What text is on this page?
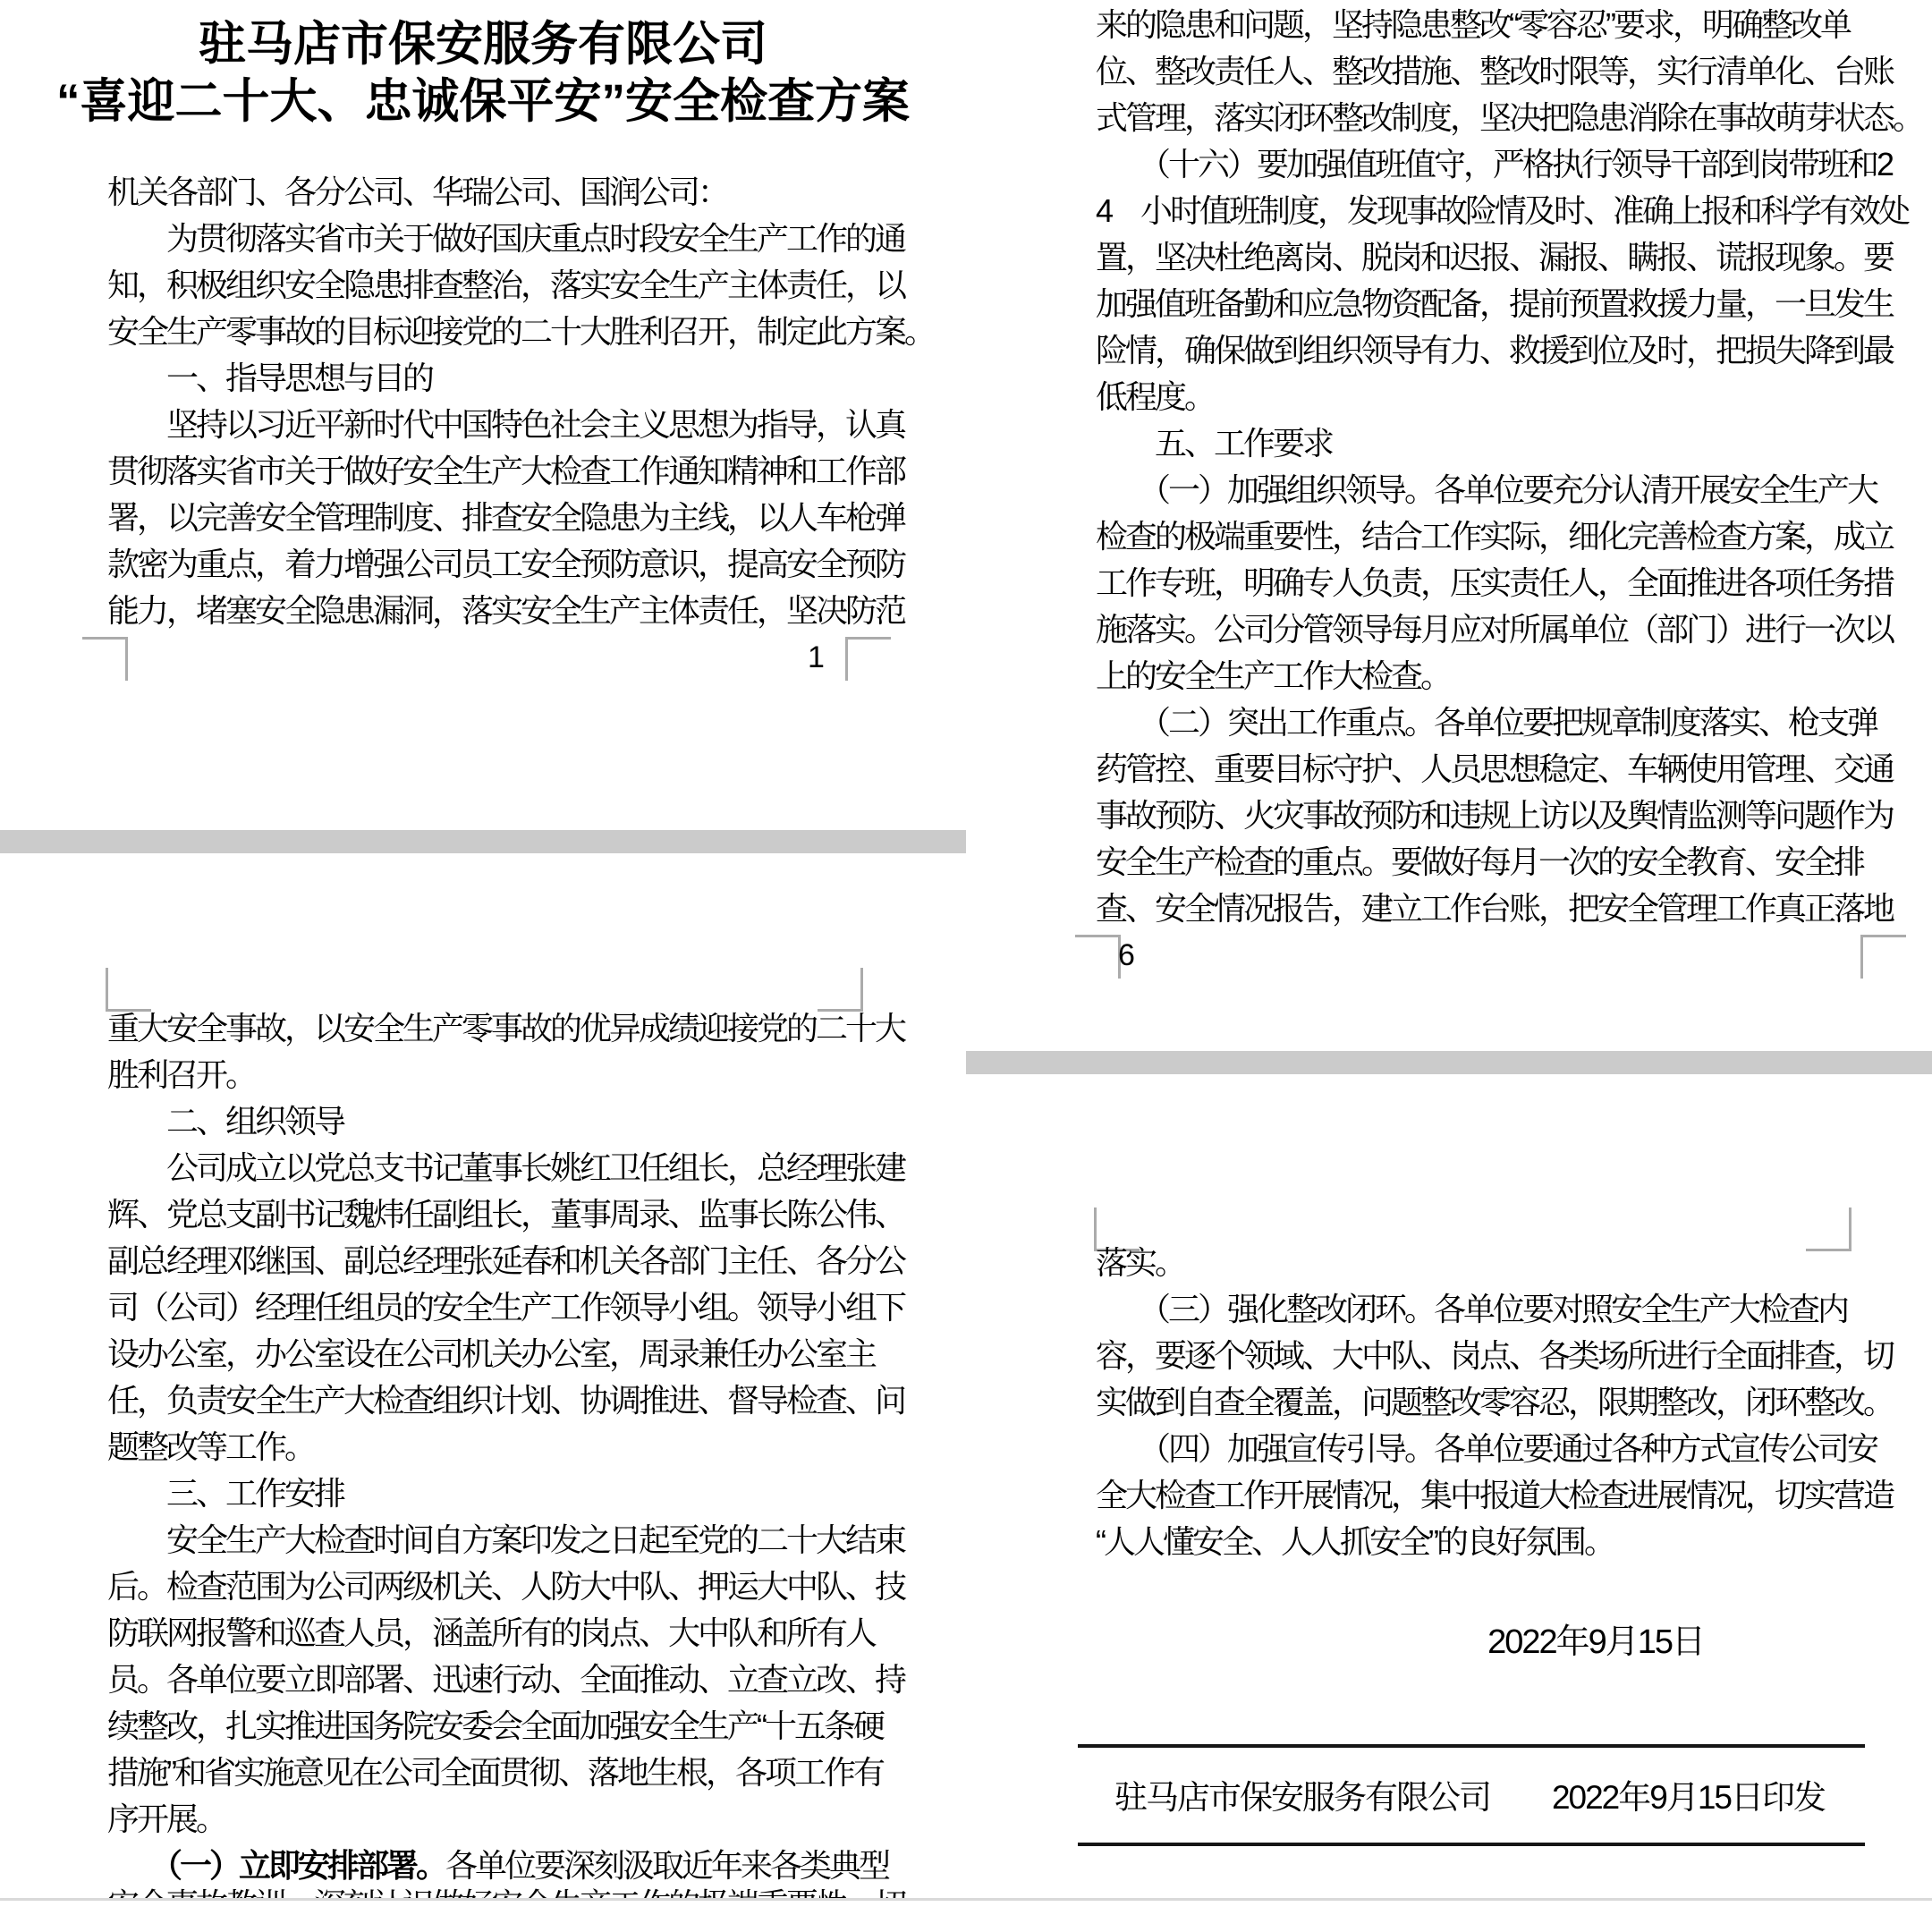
驻马店市保安服务有限公司
“喜迎二十大、忠诚保平安”安全检查方案
机关各部门、各分公司、华瑞公司、国润公司：
　　为贯彻落实省市关于做好国庆重点时段安全生产工作的通
知，积极组织安全隐患排查整治，落实安全生产主体责任，以
安全生产零事故的目标迎接党的二十大胜利召开，制定此方案。
　　一、指导思想与目的
　　坚持以习近平新时代中国特色社会主义思想为指导，认真
贯彻落实省市关于做好安全生产大检查工作通知精神和工作部
署，以完善安全管理制度、排查安全隐患为主线，以人车枪弹
款密为重点，着力增强公司员工安全预防意识，提高安全预防
能力，堵塞安全隐患漏洞，落实安全生产主体责任，坚决防范
1
重大安全事故，以安全生产零事故的优异成绩迎接党的二十大
胜利召开。
　　二、组织领导
　　公司成立以党总支书记董事长姚红卫任组长，总经理张建
辉、党总支副书记魏炜任副组长，董事周录、监事长陈公伟、
副总经理邓继国、副总经理张延春和机关各部门主任、各分公
司（公司）经理任组员的安全生产工作领导小组。领导小组下
设办公室，办公室设在公司机关办公室，周录兼任办公室主
任，负责安全生产大检查组织计划、协调推进、督导检查、问
题整改等工作。
　　三、工作安排
　　安全生产大检查时间自方案印发之日起至党的二十大结束
后。检查范围为公司两级机关、人防大中队、押运大中队、技
防联网报警和巡查人员，涵盖所有的岗点、大中队和所有人
员。各单位要立即部署、迅速行动、全面推动、立查立改、持
续整改，扎实推进国务院安委会全面加强安全生产“十五条硬
措施”和省实施意见在公司全面贯彻、落地生根，各项工作有
序开展。
　　（一）立即安排部署。各单位要深刻汲取近年来各类典型
来的隐患和问题，坚持隐患整改“零容忍”要求，明确整改单
位、整改责任人、整改措施、整改时限等，实行清单化、台账
式管理，落实闭环整改制度，坚决把隐患消除在事故萌芽状态。
　　（十六）要加强值班值守，严格执行领导干部到岗带班和2
4　小时值班制度，发现事故险情及时、准确上报和科学有效处
置，坚决杜绝离岗、脱岗和迟报、漏报、瞒报、谎报现象。要
加强值班备勤和应急物资配备，提前预置救援力量，一旦发生
险情，确保做到组织领导有力、救援到位及时，把损失降到最
低程度。
　　五、工作要求
　　（一）加强组织领导。各单位要充分认清开展安全生产大
检查的极端重要性，结合工作实际，细化完善检查方案，成立
工作专班，明确专人负责，压实责任人，全面推进各项任务措
施落实。公司分管领导每月应对所属单位（部门）进行一次以
上的安全生产工作大检查。
　　（二）突出工作重点。各单位要把规章制度落实、枪支弹
药管控、重要目标守护、人员思想稳定、车辆使用管理、交通
事故预防、火灾事故预防和违规上访以及舆情监测等问题作为
安全生产检查的重点。要做好每月一次的安全教育、安全排
查、安全情况报告，建立工作台账，把安全管理工作真正落地
6
落实。
　　（三）强化整改闭环。各单位要对照安全生产大检查内
容，要逐个领域、大中队、岗点、各类场所进行全面排查，切
实做到自查全覆盖，问题整改零容忍，限期整改，闭环整改。
　　（四）加强宣传引导。各单位要通过各种方式宣传公司安
全大检查工作开展情况，集中报道大检查进展情况，切实营造
“人人懂安全、人人抓安全”的良好氛围。
2022年9月15日
驻马店市保安服务有限公司 2022年9月15日印发
